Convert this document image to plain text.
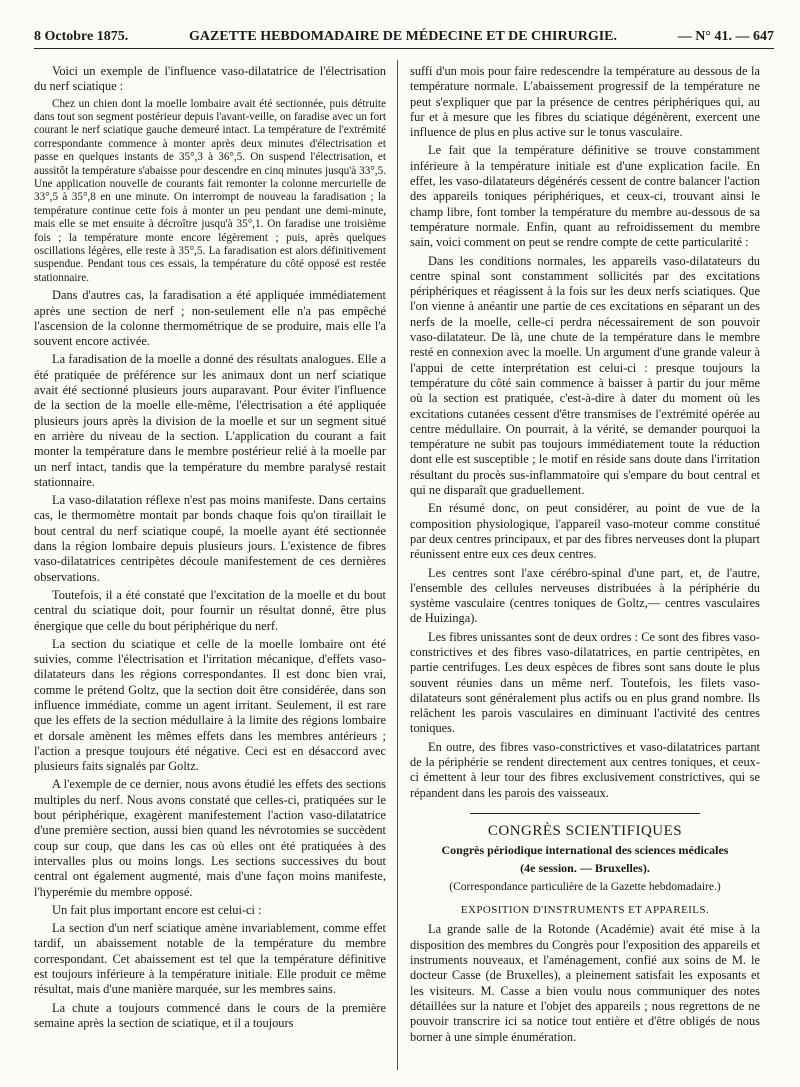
8 Octobre 1875.	GAZETTE HEBDOMADAIRE DE MÉDECINE ET DE CHIRURGIE.	— N° 41. — 647

Voici un exemple de l'influence vaso-dilatatrice de l'électrisation du nerf sciatique :

Chez un chien dont la moelle lombaire avait été sectionnée, puis détruite dans tout son segment postérieur depuis l'avant-veille, on faradise avec un fort courant le nerf sciatique gauche demeuré intact. La température de l'extrémité correspondante commence à monter après deux minutes d'électrisation et passe en quelques instants de 35°,3 à 36°,5. On suspend l'électrisation, et aussitôt la température s'abaisse pour descendre en cinq minutes jusqu'à 33°,5. Une application nouvelle de courants fait remonter la colonne mercurielle de 33°,5 à 35°,8 en une minute. On interrompt de nouveau la faradisation ; la température continue cette fois à monter un peu pendant une demi-minute, mais elle se met ensuite à décroître jusqu'à 35°,1. On faradise une troisième fois ; la température monte encore légèrement ; puis, après quelques oscillations légères, elle reste à 35°,5. La faradisation est alors définitivement suspendue. Pendant tous ces essais, la température du côté opposé est restée stationnaire.

Dans d'autres cas, la faradisation a été appliquée immédiatement après une section de nerf ; non-seulement elle n'a pas empêché l'ascension de la colonne thermométrique de se produire, mais elle l'a souvent encore activée.

La faradisation de la moelle a donné des résultats analogues. Elle a été pratiquée de préférence sur les animaux dont un nerf sciatique avait été sectionné plusieurs jours auparavant. Pour éviter l'influence de la section de la moelle elle-même, l'électrisation a été appliquée plusieurs jours après la division de la moelle et sur un segment situé en arrière du niveau de la section. L'application du courant a fait monter la température dans le membre postérieur relié à la moelle par un nerf intact, tandis que la température du membre paralysé restait stationnaire.

La vaso-dilatation réflexe n'est pas moins manifeste. Dans certains cas, le thermomètre montait par bonds chaque fois qu'on tiraillait le bout central du nerf sciatique coupé, la moelle ayant été sectionnée dans la région lombaire depuis plusieurs jours. L'existence de fibres vaso-dilatatrices centripètes découle manifestement de ces dernières observations.

Toutefois, il a été constaté que l'excitation de la moelle et du bout central du sciatique doit, pour fournir un résultat donné, être plus énergique que celle du bout périphérique du nerf.

La section du sciatique et celle de la moelle lombaire ont été suivies, comme l'électrisation et l'irritation mécanique, d'effets vaso-dilatateurs dans les régions correspondantes. Il est donc bien vrai, comme le prétend Goltz, que la section doit être considérée, dans son influence immédiate, comme un agent irritant. Seulement, il est rare que les effets de la section médullaire à la limite des régions lombaire et dorsale amènent les mêmes effets dans les membres antérieurs ; l'action a presque toujours été négative. Ceci est en désaccord avec plusieurs faits signalés par Goltz.

A l'exemple de ce dernier, nous avons étudié les effets des sections multiples du nerf. Nous avons constaté que celles-ci, pratiquées sur le bout périphérique, exagèrent manifestement l'action vaso-dilatatrice d'une première section, aussi bien quand les névrotomies se succèdent coup sur coup, que dans les cas où elles ont été pratiquées à des intervalles plus ou moins longs. Les sections successives du bout central ont également augmenté, mais d'une façon moins manifeste, l'hyperémie du membre opposé.

Un fait plus important encore est celui-ci :

La section d'un nerf sciatique amène invariablement, comme effet tardif, un abaissement notable de la température du membre correspondant. Cet abaissement est tel que la température définitive est toujours inférieure à la température initiale. Elle produit ce même résultat, mais d'une manière marquée, sur les membres sains.

La chute a toujours commencé dans le cours de la première semaine après la section de sciatique, et il a toujours

suffi d'un mois pour faire redescendre la température au dessous de la température normale. L'abaissement progressif de la température ne peut s'expliquer que par la présence de centres périphériques qui, au fur et à mesure que les fibres du sciatique dégénèrent, exercent une influence de plus en plus active sur le tonus vasculaire.

Le fait que la température définitive se trouve constamment inférieure à la température initiale est d'une explication facile. En effet, les vaso-dilatateurs dégénérés cessent de contre balancer l'action des appareils toniques périphériques, et ceux-ci, trouvant ainsi le champ libre, font tomber la température du membre au-dessous de sa température normale. Enfin, quant au refroidissement du membre sain, voici comment on peut se rendre compte de cette particularité :

Dans les conditions normales, les appareils vaso-dilatateurs du centre spinal sont constamment sollicités par des excitations périphériques et réagissent à la fois sur les deux nerfs sciatiques. Que l'on vienne à anéantir une partie de ces excitations en séparant un des nerfs de la moelle, celle-ci perdra nécessairement de son pouvoir vaso-dilatateur. De là, une chute de la température dans le membre resté en connexion avec la moelle. Un argument d'une grande valeur à l'appui de cette interprétation est celui-ci : presque toujours la température du côté sain commence à baisser à partir du jour même où la section est pratiquée, c'est-à-dire à dater du moment où les excitations cutanées cessent d'être transmises de l'extrémité opérée au centre médullaire. On pourrait, à la vérité, se demander pourquoi la température ne subit pas toujours immédiatement toute la réduction dont elle est susceptible ; le motif en réside sans doute dans l'irritation résultant du procès sus-inflammatoire qui s'empare du bout central et qui ne disparaît que graduellement.

En résumé donc, on peut considérer, au point de vue de la composition physiologique, l'appareil vaso-moteur comme constitué par deux centres principaux, et par des fibres nerveuses dont la plupart réunissent entre eux ces deux centres.

Les centres sont l'axe cérébro-spinal d'une part, et, de l'autre, l'ensemble des cellules nerveuses distribuées à la périphérie du système vasculaire (centres toniques de Goltz,— centres vasculaires de Huizinga).

Les fibres unissantes sont de deux ordres : Ce sont des fibres vaso-constrictives et des fibres vaso-dilatatrices, en partie centripètes, en partie centrifuges. Les deux espèces de fibres sont sans doute le plus souvent réunies dans un même nerf. Toutefois, les filets vaso-dilatateurs sont généralement plus actifs ou en plus grand nombre. Ils relâchent les parois vasculaires en diminuant l'activité des centres toniques.

En outre, des fibres vaso-constrictives et vaso-dilatatrices partant de la périphérie se rendent directement aux centres toniques, et ceux-ci émettent à leur tour des fibres exclusivement constrictives, qui se répandent dans les parois des vaisseaux.

CONGRÈS SCIENTIFIQUES
Congrès périodique international des sciences médicales
(4e session. — Bruxelles).
(Correspondance particulière de la Gazette hebdomadaire.)
EXPOSITION D'INSTRUMENTS ET APPAREILS.

La grande salle de la Rotonde (Académie) avait été mise à la disposition des membres du Congrès pour l'exposition des appareils et instruments nouveaux, et l'aménagement, confié aux soins de M. le docteur Casse (de Bruxelles), a pleinement satisfait les exposants et les visiteurs. M. Casse a bien voulu nous communiquer des notes détaillées sur la nature et l'objet des appareils ; nous regrettons de ne pouvoir transcrire ici sa notice tout entière et d'être obligés de nous borner à une simple énumération.
